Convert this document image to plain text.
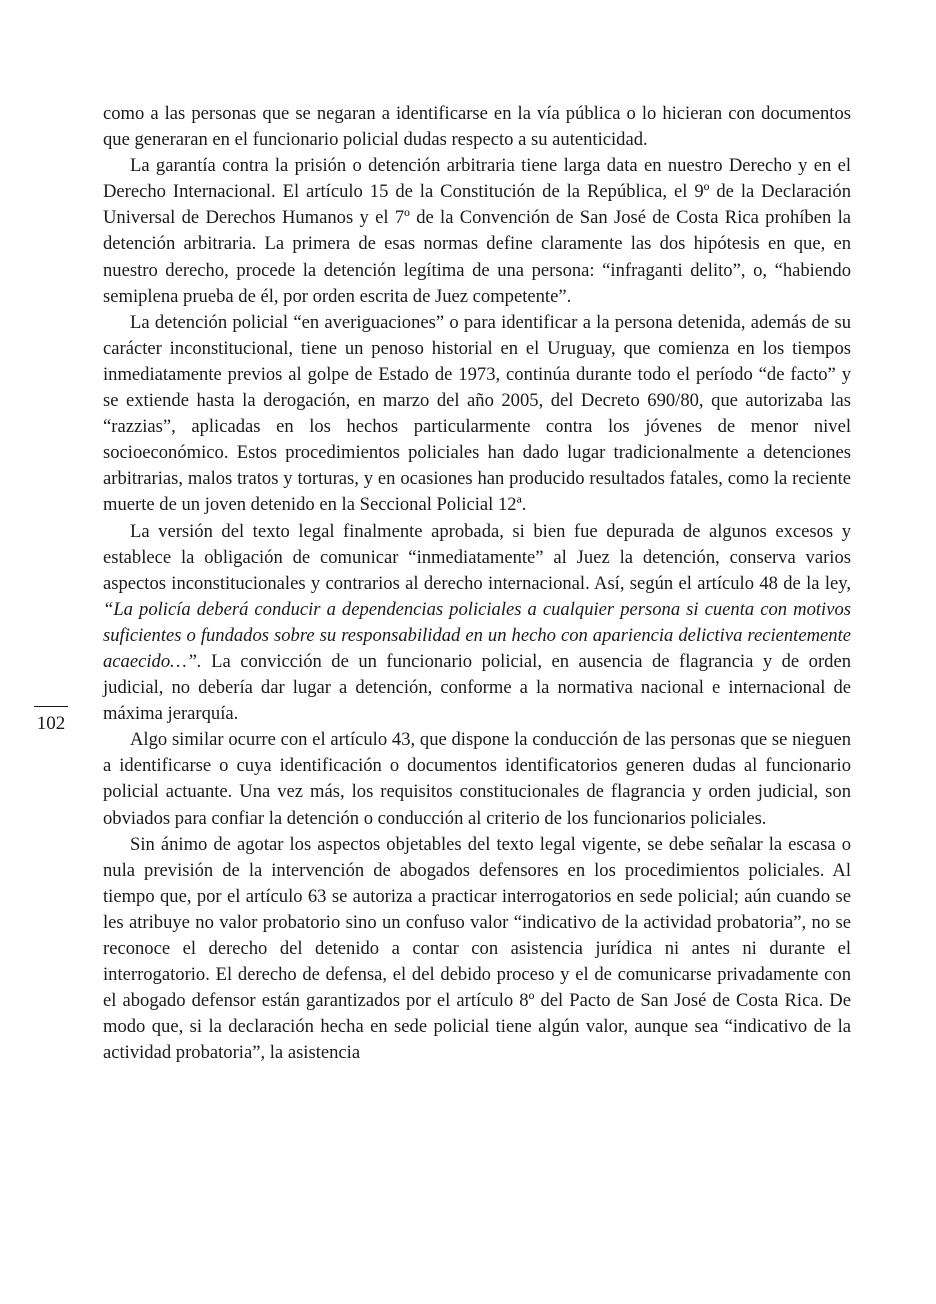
como a las personas que se negaran a identificarse en la vía pública o lo hicieran con documentos que generaran en el funcionario policial dudas respecto a su autenticidad.

La garantía contra la prisión o detención arbitraria tiene larga data en nuestro Derecho y en el Derecho Internacional. El artículo 15 de la Constitución de la República, el 9º de la Declaración Universal de Derechos Humanos y el 7º de la Convención de San José de Costa Rica prohíben la detención arbitraria. La primera de esas normas define claramente las dos hipótesis en que, en nuestro derecho, procede la detención legítima de una persona: “infraganti delito”, o, “habiendo semiplena prueba de él, por orden escrita de Juez competente”.

La detención policial “en averiguaciones” o para identificar a la persona detenida, además de su carácter inconstitucional, tiene un penoso historial en el Uruguay, que comienza en los tiempos inmediatamente previos al golpe de Estado de 1973, continúa durante todo el período “de facto” y se extiende hasta la derogación, en marzo del año 2005, del Decreto 690/80, que autorizaba las “razzias”, aplicadas en los hechos particularmente contra los jóvenes de menor nivel socioeconómico. Estos procedimientos policiales han dado lugar tradicionalmente a detenciones arbitrarias, malos tratos y torturas, y en ocasiones han producido resultados fatales, como la reciente muerte de un joven detenido en la Seccional Policial 12ª.

La versión del texto legal finalmente aprobada, si bien fue depurada de algunos excesos y establece la obligación de comunicar “inmediatamente” al Juez la detención, conserva varios aspectos inconstitucionales y contrarios al derecho internacional. Así, según el artículo 48 de la ley, “La policía deberá conducir a dependencias policiales a cualquier persona si cuenta con motivos suficientes o fundados sobre su responsabilidad en un hecho con apariencia delictiva recientemente acaecido…”. La convicción de un funcionario policial, en ausencia de flagrancia y de orden judicial, no debería dar lugar a detención, conforme a la normativa nacional e internacional de máxima jerarquía.

Algo similar ocurre con el artículo 43, que dispone la conducción de las personas que se nieguen a identificarse o cuya identificación o documentos identificatorios generen dudas al funcionario policial actuante. Una vez más, los requisitos constitucionales de flagrancia y orden judicial, son obviados para confiar la detención o conducción al criterio de los funcionarios policiales.

Sin ánimo de agotar los aspectos objetables del texto legal vigente, se debe señalar la escasa o nula previsión de la intervención de abogados defensores en los procedimientos policiales. Al tiempo que, por el artículo 63 se autoriza a practicar interrogatorios en sede policial; aún cuando se les atribuye no valor probatorio sino un confuso valor “indicativo de la actividad probatoria”, no se reconoce el derecho del detenido a contar con asistencia jurídica ni antes ni durante el interrogatorio. El derecho de defensa, el del debido proceso y el de comunicarse privadamente con el abogado defensor están garantizados por el artículo 8º del Pacto de San José de Costa Rica. De modo que, si la declaración hecha en sede policial tiene algún valor, aunque sea “indicativo de la actividad probatoria”, la asistencia

102
